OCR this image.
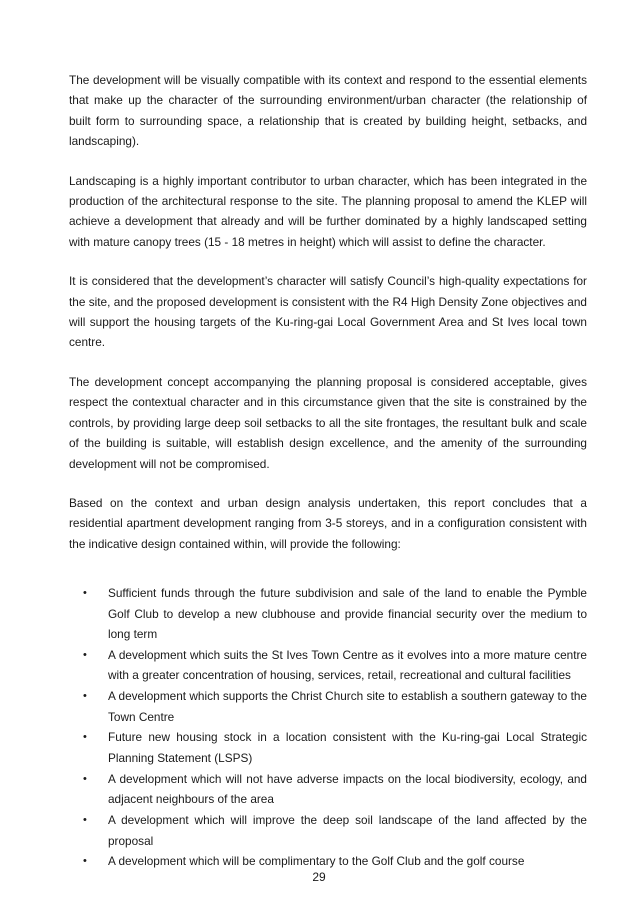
The development will be visually compatible with its context and respond to the essential elements that make up the character of the surrounding environment/urban character (the relationship of built form to surrounding space, a relationship that is created by building height, setbacks, and landscaping).

Landscaping is a highly important contributor to urban character, which has been integrated in the production of the architectural response to the site. The planning proposal to amend the KLEP will achieve a development that already and will be further dominated by a highly landscaped setting with mature canopy trees (15 - 18 metres in height) which will assist to define the character.

It is considered that the development’s character will satisfy Council’s high-quality expectations for the site, and the proposed development is consistent with the R4 High Density Zone objectives and will support the housing targets of the Ku-ring-gai Local Government Area and St Ives local town centre.

The development concept accompanying the planning proposal is considered acceptable, gives respect the contextual character and in this circumstance given that the site is constrained by the controls, by providing large deep soil setbacks to all the site frontages, the resultant bulk and scale of the building is suitable, will establish design excellence, and the amenity of the surrounding development will not be compromised.

Based on the context and urban design analysis undertaken, this report concludes that a residential apartment development ranging from 3-5 storeys, and in a configuration consistent with the indicative design contained within, will provide the following:

• Sufficient funds through the future subdivision and sale of the land to enable the Pymble Golf Club to develop a new clubhouse and provide financial security over the medium to long term
• A development which suits the St Ives Town Centre as it evolves into a more mature centre with a greater concentration of housing, services, retail, recreational and cultural facilities
• A development which supports the Christ Church site to establish a southern gateway to the Town Centre
• Future new housing stock in a location consistent with the Ku-ring-gai Local Strategic Planning Statement (LSPS)
• A development which will not have adverse impacts on the local biodiversity, ecology, and adjacent neighbours of the area
• A development which will improve the deep soil landscape of the land affected by the proposal
• A development which will be complimentary to the Golf Club and the golf course
29
